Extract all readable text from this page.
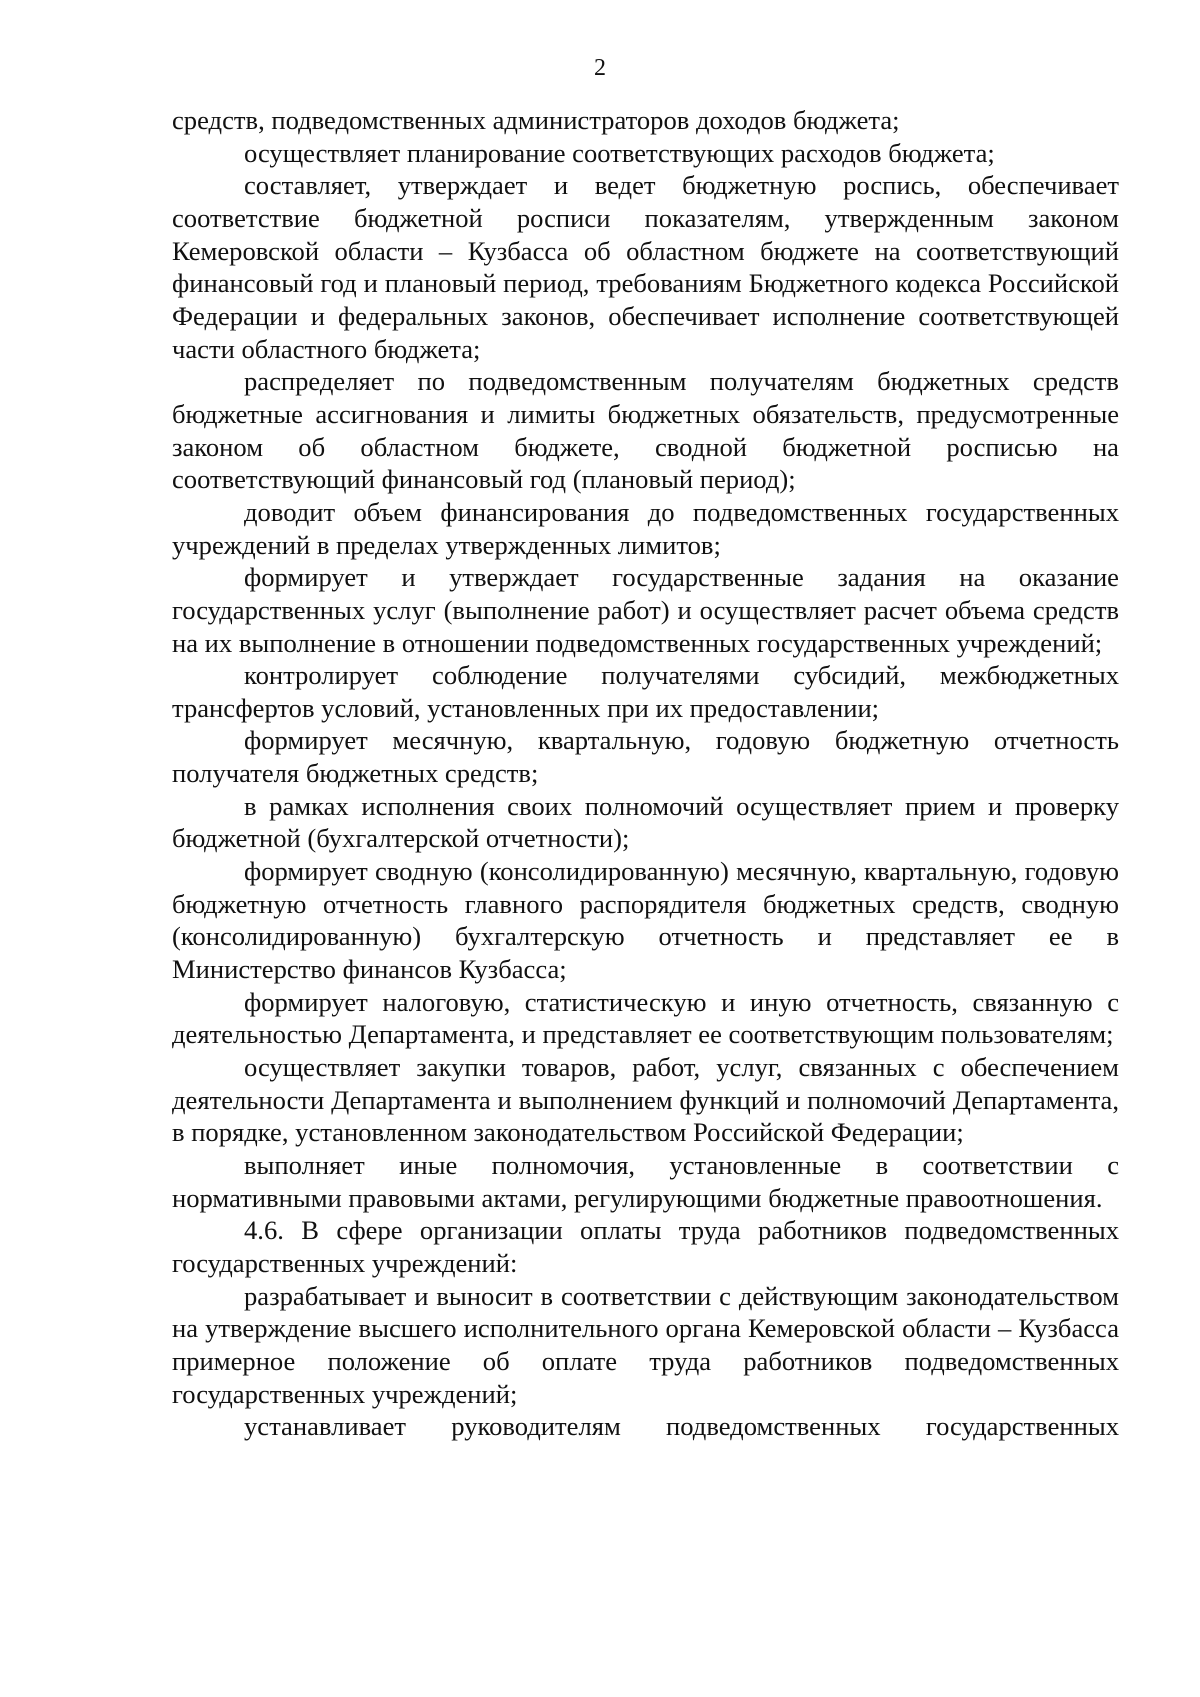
2

средств, подведомственных администраторов доходов бюджета;

осуществляет планирование соответствующих расходов бюджета;

составляет, утверждает и ведет бюджетную роспись, обеспечивает соответствие бюджетной росписи показателям, утвержденным законом Кемеровской области – Кузбасса об областном бюджете на соответствующий финансовый год и плановый период, требованиям Бюджетного кодекса Российской Федерации и федеральных законов, обеспечивает исполнение соответствующей части областного бюджета;

распределяет по подведомственным получателям бюджетных средств бюджетные ассигнования и лимиты бюджетных обязательств, предусмотренные законом об областном бюджете, сводной бюджетной росписью на соответствующий финансовый год (плановый период);

доводит объем финансирования до подведомственных государственных учреждений в пределах утвержденных лимитов;

формирует и утверждает государственные задания на оказание государственных услуг (выполнение работ) и осуществляет расчет объема средств на их выполнение в отношении подведомственных государственных учреждений;

контролирует соблюдение получателями субсидий, межбюджетных трансфертов условий, установленных при их предоставлении;

формирует месячную, квартальную, годовую бюджетную отчетность получателя бюджетных средств;

в рамках исполнения своих полномочий осуществляет прием и проверку бюджетной (бухгалтерской отчетности);

формирует сводную (консолидированную) месячную, квартальную, годовую бюджетную отчетность главного распорядителя бюджетных средств, сводную (консолидированную) бухгалтерскую отчетность и представляет ее в Министерство финансов Кузбасса;

формирует налоговую, статистическую и иную отчетность, связанную с деятельностью Департамента, и представляет ее соответствующим пользователям;

осуществляет закупки товаров, работ, услуг, связанных с обеспечением деятельности Департамента и выполнением функций и полномочий Департамента, в порядке, установленном законодательством Российской Федерации;

выполняет иные полномочия, установленные в соответствии с нормативными правовыми актами, регулирующими бюджетные правоотношения.

4.6. В сфере организации оплаты труда работников подведомственных государственных учреждений:

разрабатывает и выносит в соответствии с действующим законодательством на утверждение высшего исполнительного органа Кемеровской области – Кузбасса примерное положение об оплате труда работников подведомственных государственных учреждений;

устанавливает руководителям подведомственных государственных
